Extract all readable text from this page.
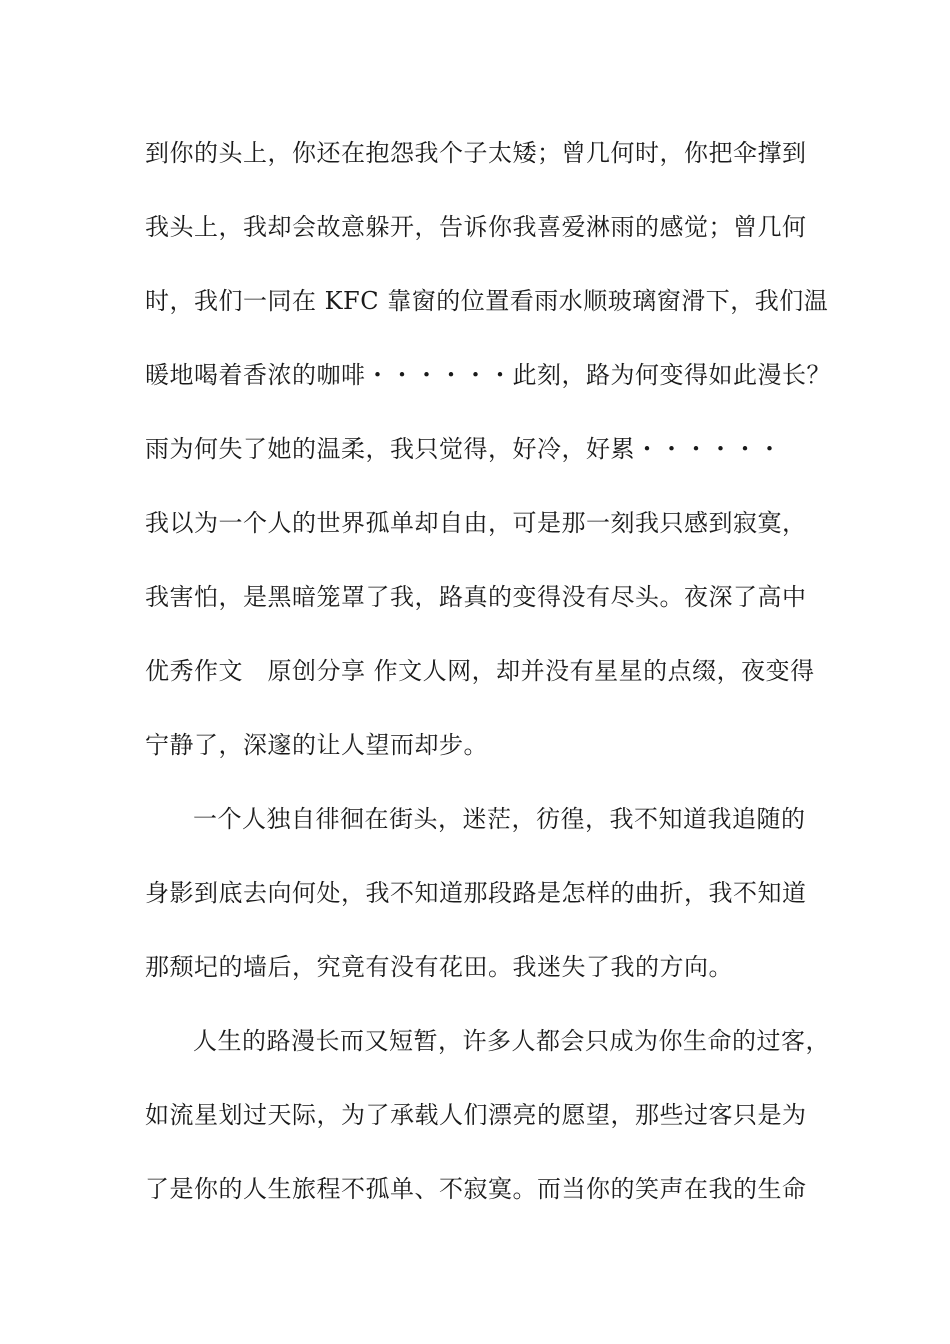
到你的头上，你还在抱怨我个子太矮；曾几何时，你把伞撑到
我头上，我却会故意躲开，告诉你我喜爱淋雨的感觉；曾几何
时，我们一同在 KFC 靠窗的位置看雨水顺玻璃窗滑下，我们温
暖地喝着香浓的咖啡・・・・・・此刻，路为何变得如此漫长？
雨为何失了她的温柔，我只觉得，好冷，好累・・・・・・
我以为一个人的世界孤单却自由，可是那一刻我只感到寂寞，
我害怕，是黑暗笼罩了我，路真的变得没有尽头。夜深了高中
优秀作文　原创分享 作文人网，却并没有星星的点缀，夜变得
宁静了，深邃的让人望而却步。
一个人独自徘徊在街头，迷茫，彷徨，我不知道我追随的
身影到底去向何处，我不知道那段路是怎样的曲折，我不知道
那颓圮的墙后，究竟有没有花田。我迷失了我的方向。
人生的路漫长而又短暂，许多人都会只成为你生命的过客，
如流星划过天际，为了承载人们漂亮的愿望，那些过客只是为
了是你的人生旅程不孤单、不寂寞。而当你的笑声在我的生命
